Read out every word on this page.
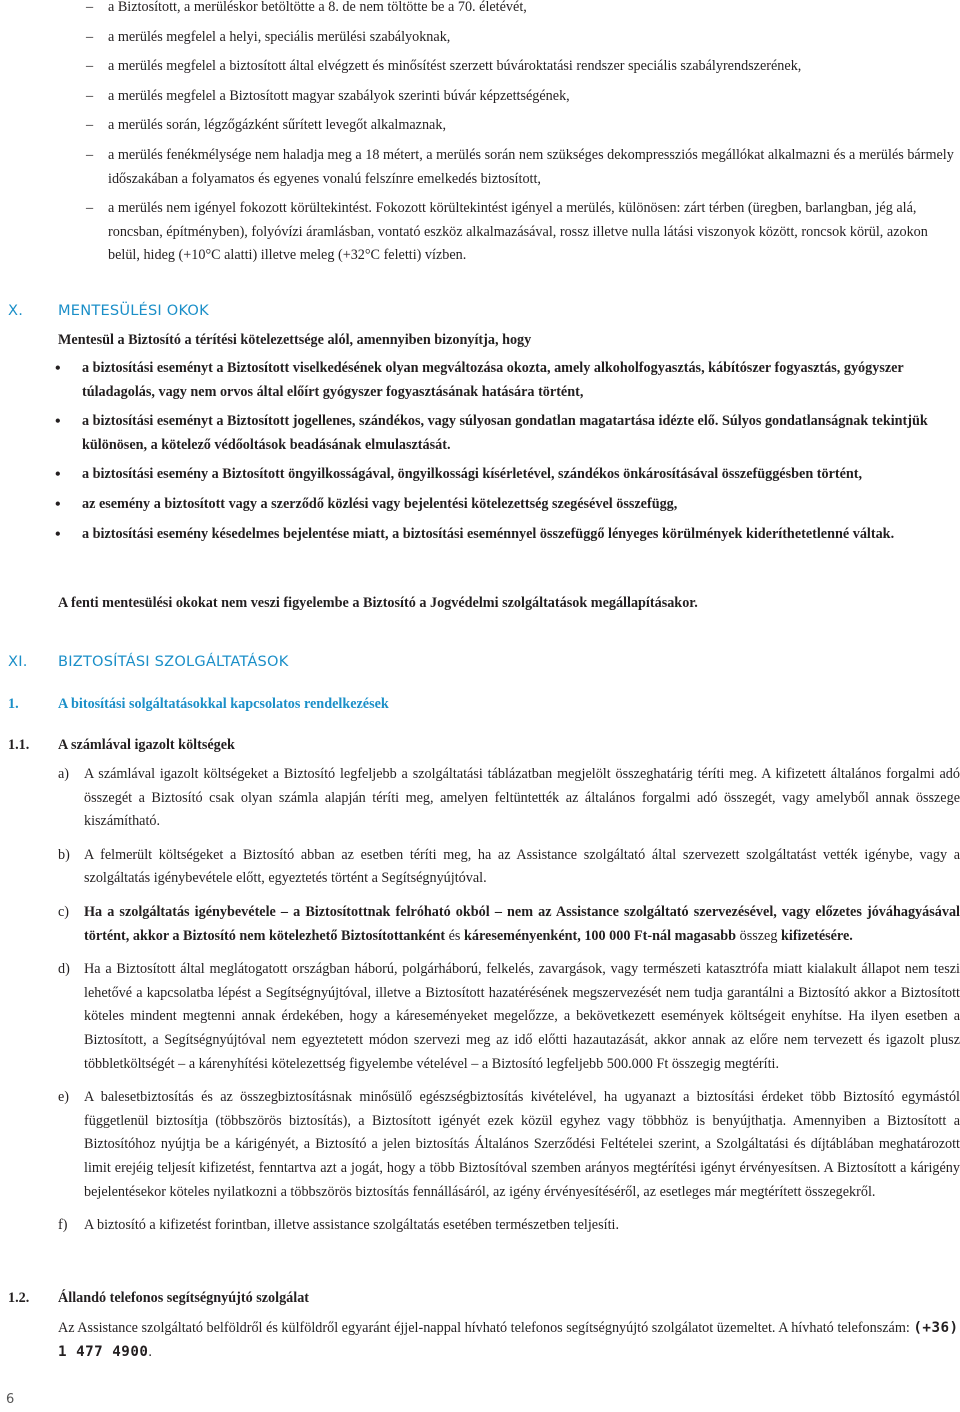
– a Biztosított, a merüléskor betöltötte a 8. de nem töltötte be a 70. életévét,
– a merülés megfelel a helyi, speciális merülési szabályoknak,
– a merülés megfelel a biztosított által elvégzett és minősítést szerzett búvároktatási rendszer speciális szabályrendszerének,
– a merülés megfelel a Biztosított magyar szabályok szerinti búvár képzettségének,
– a merülés során, légzőgázként sűrített levegőt alkalmaznak,
– a merülés fenékmélysége nem haladja meg a 18 métert, a merülés során nem szükséges dekompressziós megállókat alkalmazni és a merülés bármely időszakában a folyamatos és egyenes vonalú felszínre emelkedés biztosított,
– a merülés nem igényel fokozott körültekintést. Fokozott körültekintést igényel a merülés, különösen: zárt térben (üregben, barlangban, jég alá, roncsban, építményben), folyóvízi áramlásban, vontató eszköz alkalmazásával, rossz illetve nulla látási viszonyok között, roncsok körül, azokon belül, hideg (+10°C alatti) illetve meleg (+32°C feletti) vízben.
X. MENTESÜLÉSI OKOK
Mentesül a Biztosító a térítési kötelezettsége alól, amennyiben bizonyítja, hogy
• a biztosítási eseményt a Biztosított viselkedésének olyan megváltozása okozta, amely alkoholfogyasztás, kábítószer fogyasztás, gyógyszer túladagolás, vagy nem orvos által előírt gyógyszer fogyasztásának hatására történt,
• a biztosítási eseményt a Biztosított jogellenes, szándékos, vagy súlyosan gondatlan magatartása idézte elő. Súlyos gondatlanságnak tekintjük különösen, a kötelező védőoltások beadásának elmulasztását.
• a biztosítási esemény a Biztosított öngyilkosságával, öngyilkossági kísérletével, szándékos önkárosításával összefüggésben történt,
• az esemény a biztosított vagy a szerződő közlési vagy bejelentési kötelezettség szegésével összefügg,
• a biztosítási esemény késedelmes bejelentése miatt, a biztosítási eseménnyel összefüggő lényeges körülmények kideríthetetlenné váltak.
A fenti mentesülési okokat nem veszi figyelembe a Biztosító a Jogvédelmi szolgáltatások megállapításakor.
XI. BIZTOSÍTÁSI SZOLGÁLTATÁSOK
1.	A bitosítási solgáltatásokkal kapcsolatos rendelkezések
1.1. A számlával igazolt költségek
a) A számlával igazolt költségeket a Biztosító legfeljebb a szolgáltatási táblázatban megjelölt összeghatárig téríti meg. A kifizetett általános forgalmi adó összegét a Biztosító csak olyan számla alapján téríti meg, amelyen feltüntették az általános forgalmi adó összegét, vagy amelyből annak összege kiszámítható.
b) A felmerült költségeket a Biztosító abban az esetben téríti meg, ha az Assistance szolgáltató által szervezett szolgáltatást vették igénybe, vagy a szolgáltatás igénybevétele előtt, egyeztetés történt a Segítségnyújtóval.
c) Ha a szolgáltatás igénybevétele – a Biztosítottnak felróható okból – nem az Assistance szolgáltató szervezésével, vagy előzetes jóváhagyásával történt, akkor a Biztosító nem kötelezhető Biztosítottanként és káreseményenként, 100 000 Ft-nál magasabb összeg kifizetésére.
d) Ha a Biztosított által meglátogatott országban háború, polgárháború, felkelés, zavargások, vagy természeti katasztrófa miatt kialakult állapot nem teszi lehetővé a kapcsolatba lépést a Segítségnyújtóval, illetve a Biztosított hazatérésének megszervezését nem tudja garantálni a Biztosító akkor a Biztosított köteles mindent megtenni annak érdekében, hogy a káreseményeket megelőzze, a bekövetkezett események költségeit enyhítse. Ha ilyen esetben a Biztosított, a Segítségnyújtóval nem egyeztetett módon szervezi meg az idő előtti hazautazását, akkor annak az előre nem tervezett és igazolt plusz többletköltségét – a kárenyhítési kötelezettség figyelembe vételével – a Biztosító legfeljebb 500.000 Ft összegig megtéríti.
e) A balesetbiztosítás és az összegbiztosításnak minősülő egészségbiztosítás kivételével, ha ugyanazt a biztosítási érdeket több Biztosító egymástól függetlenül biztosítja (többszörös biztosítás), a Biztosított igényét ezek közül egyhez vagy többhöz is benyújthatja. Amennyiben a Biztosított a Biztosítóhoz nyújtja be a kárigényét, a Biztosító a jelen biztosítás Általános Szerződési Feltételei szerint, a Szolgáltatási és díjtáblában meghatározott limit erejéig teljesít kifizetést, fenntartva azt a jogát, hogy a több Biztosítóval szemben arányos megtérítési igényt érvényesítsen. A Biztosított a kárigény bejelentésekor köteles nyilatkozni a többszörös biztosítás fennállásáról, az igény érvényesítéséről, az esetleges már megtérített összegekről.
f) A biztosító a kifizetést forintban, illetve assistance szolgáltatás esetében természetben teljesíti.
1.2. Állandó telefonos segítségnyújtó szolgálat
Az Assistance szolgáltató belföldről és külföldről egyaránt éjjel-nappal hívható telefonos segítségnyújtó szolgálatot üzemeltet. A hívható telefonszám: (+36) 1 477 4900.
6
